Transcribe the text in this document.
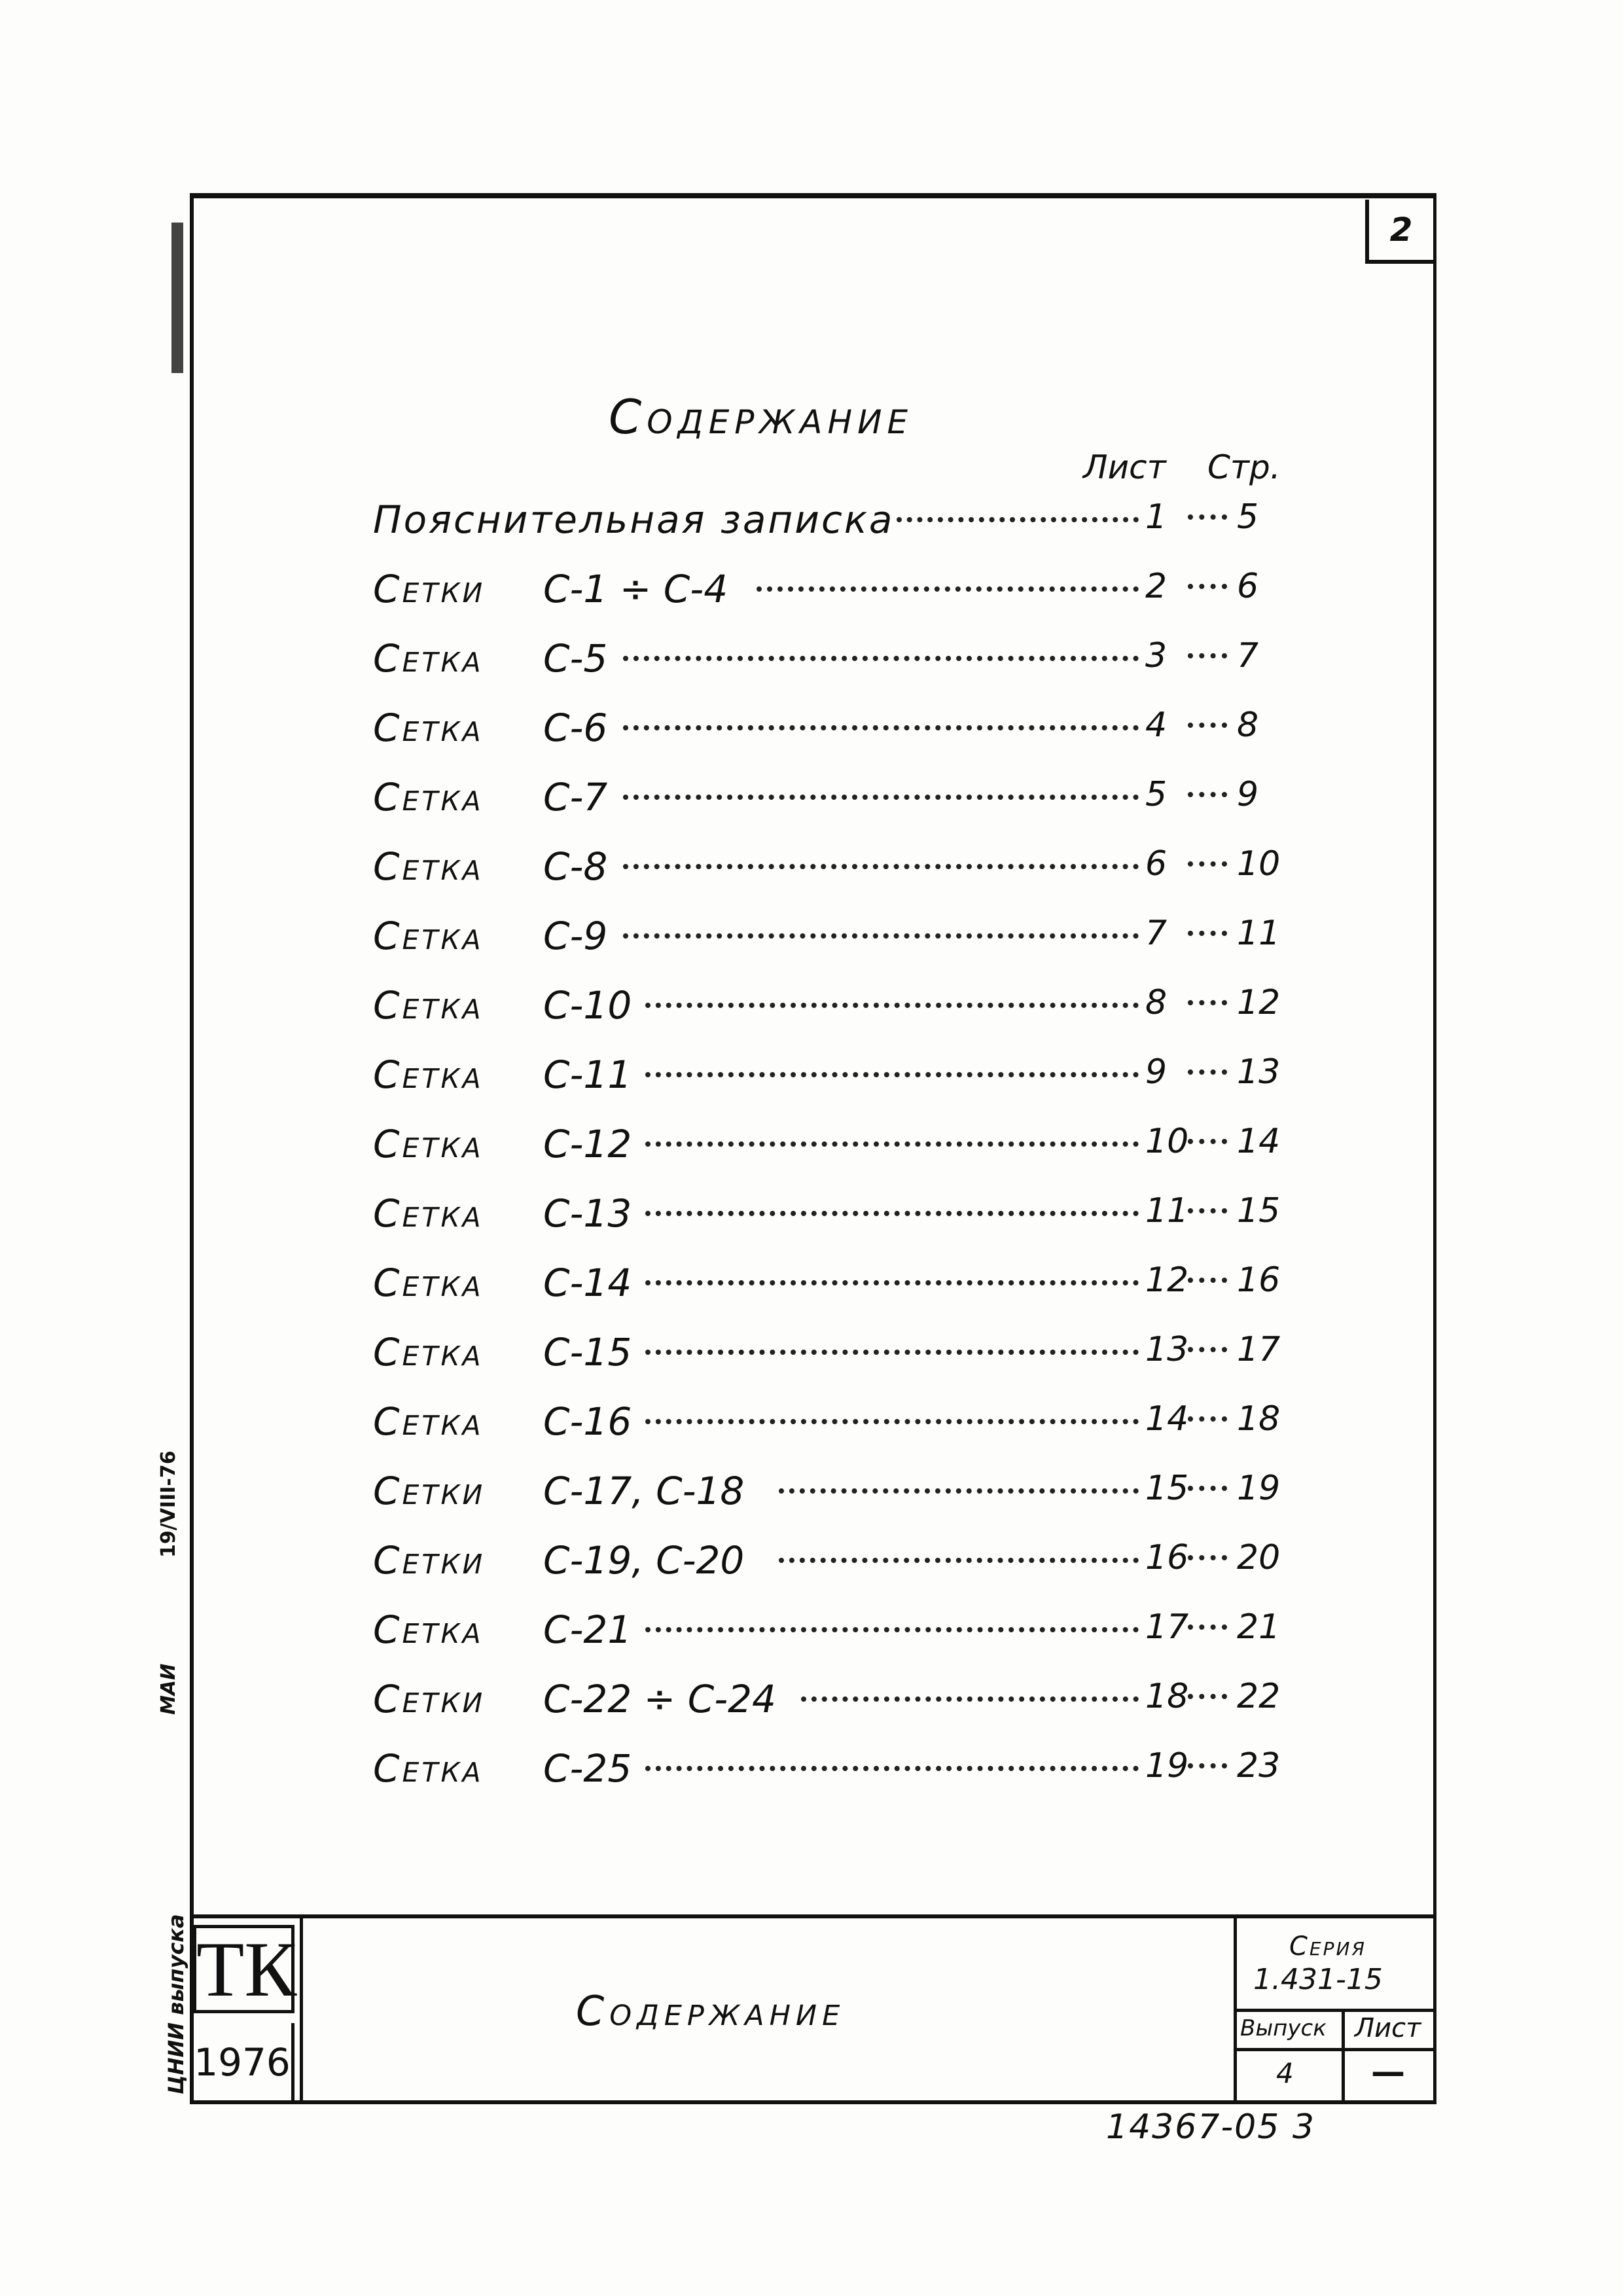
2
Содержание
Лист Стр.
Пояснительная записка	1	5
Сетки С-1 ÷ С-4	2	6
Сетка С-5	3	7
Сетка С-6	4	8
Сетка С-7	5	9
Сетка С-8	6	10
Сетка С-9	7	11
Сетка С-10	8	12
Сетка С-11	9	13
Сетка С-12	10 14
Сетка С-13	11 15
Сетка С-14	12 16
Сетка С-15	13 17
Сетка С-16	14 18
Сетки С-17, С-18	15 19
Сетки С-19, С-20	16 20
Сетка С-21	17 21
Сетки С-22 ÷ С-24	18 22
Сетка С-25	19 23
ТК
1976
Содержание
Серия
1.431-15
Выпуск Лист
4 —
19/VIII-76
МАИ
ЦНИИ выпуска
14367-05 3
